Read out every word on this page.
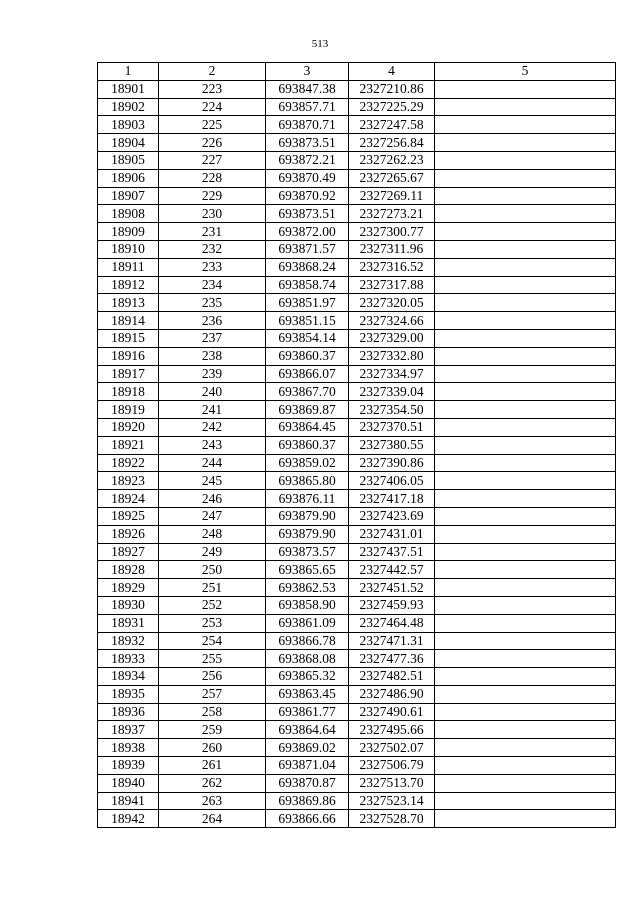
513
1	2	3	4	5
18901	223	693847.38	2327210.86	
18902	224	693857.71	2327225.29	
18903	225	693870.71	2327247.58	
18904	226	693873.51	2327256.84	
18905	227	693872.21	2327262.23	
18906	228	693870.49	2327265.67	
18907	229	693870.92	2327269.11	
18908	230	693873.51	2327273.21	
18909	231	693872.00	2327300.77	
18910	232	693871.57	2327311.96	
18911	233	693868.24	2327316.52	
18912	234	693858.74	2327317.88	
18913	235	693851.97	2327320.05	
18914	236	693851.15	2327324.66	
18915	237	693854.14	2327329.00	
18916	238	693860.37	2327332.80	
18917	239	693866.07	2327334.97	
18918	240	693867.70	2327339.04	
18919	241	693869.87	2327354.50	
18920	242	693864.45	2327370.51	
18921	243	693860.37	2327380.55	
18922	244	693859.02	2327390.86	
18923	245	693865.80	2327406.05	
18924	246	693876.11	2327417.18	
18925	247	693879.90	2327423.69	
18926	248	693879.90	2327431.01	
18927	249	693873.57	2327437.51	
18928	250	693865.65	2327442.57	
18929	251	693862.53	2327451.52	
18930	252	693858.90	2327459.93	
18931	253	693861.09	2327464.48	
18932	254	693866.78	2327471.31	
18933	255	693868.08	2327477.36	
18934	256	693865.32	2327482.51	
18935	257	693863.45	2327486.90	
18936	258	693861.77	2327490.61	
18937	259	693864.64	2327495.66	
18938	260	693869.02	2327502.07	
18939	261	693871.04	2327506.79	
18940	262	693870.87	2327513.70	
18941	263	693869.86	2327523.14	
18942	264	693866.66	2327528.70	
